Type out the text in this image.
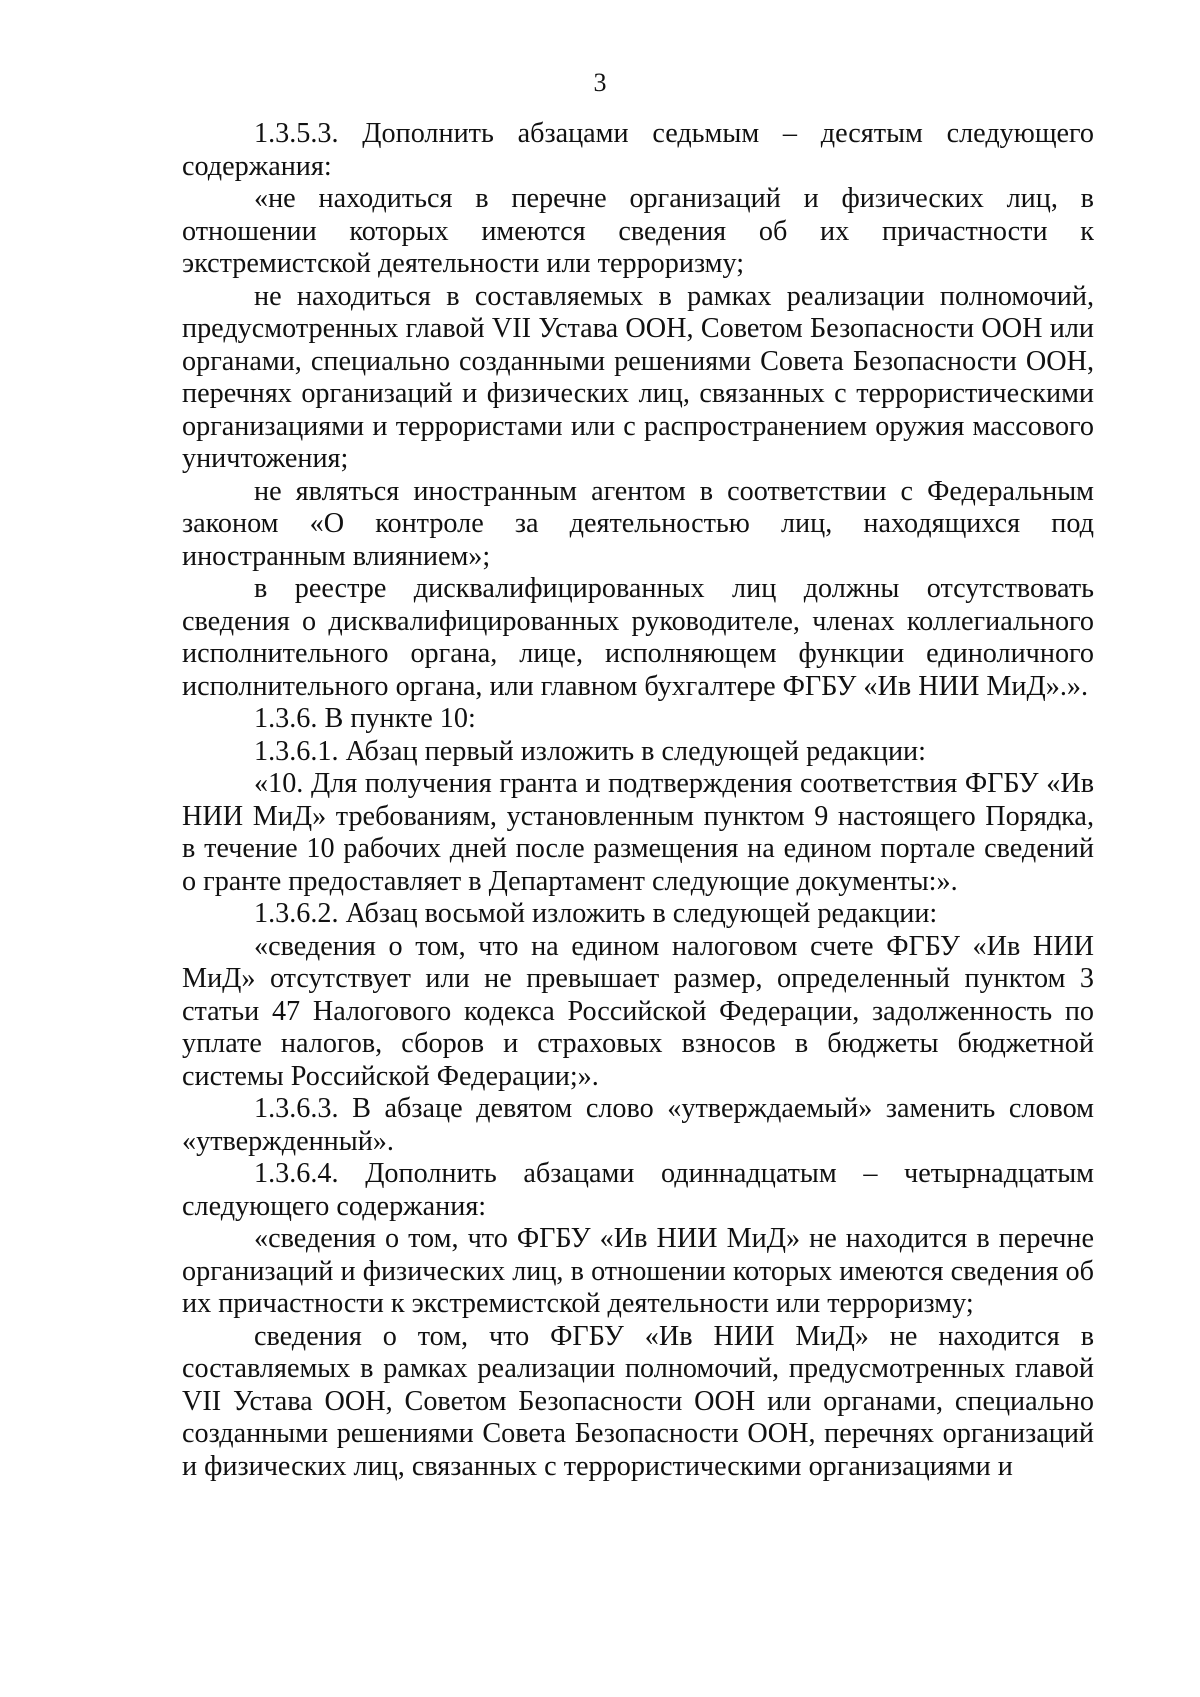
3

1.3.5.3. Дополнить абзацами седьмым – десятым следующего содержания:

«не находиться в перечне организаций и физических лиц, в отношении которых имеются сведения об их причастности к экстремистской деятельности или терроризму;

не находиться в составляемых в рамках реализации полномочий, предусмотренных главой VII Устава ООН, Советом Безопасности ООН или органами, специально созданными решениями Совета Безопасности ООН, перечнях организаций и физических лиц, связанных с террористическими организациями и террористами или с распространением оружия массового уничтожения;

не являться иностранным агентом в соответствии с Федеральным законом «О контроле за деятельностью лиц, находящихся под иностранным влиянием»;

в реестре дисквалифицированных лиц должны отсутствовать сведения о дисквалифицированных руководителе, членах коллегиального исполнительного органа, лице, исполняющем функции единоличного исполнительного органа, или главном бухгалтере ФГБУ «Ив НИИ МиД».».

1.3.6. В пункте 10:

1.3.6.1. Абзац первый изложить в следующей редакции:

«10. Для получения гранта и подтверждения соответствия ФГБУ «Ив НИИ МиД» требованиям, установленным пунктом 9 настоящего Порядка, в течение 10 рабочих дней после размещения на едином портале сведений о гранте предоставляет в Департамент следующие документы:».

1.3.6.2. Абзац восьмой изложить в следующей редакции:

«сведения о том, что на едином налоговом счете ФГБУ «Ив НИИ МиД» отсутствует или не превышает размер, определенный пунктом 3 статьи 47 Налогового кодекса Российской Федерации, задолженность по уплате налогов, сборов и страховых взносов в бюджеты бюджетной системы Российской Федерации;».

1.3.6.3. В абзаце девятом слово «утверждаемый» заменить словом «утвержденный».

1.3.6.4. Дополнить абзацами одиннадцатым – четырнадцатым следующего содержания:

«сведения о том, что ФГБУ «Ив НИИ МиД» не находится в перечне организаций и физических лиц, в отношении которых имеются сведения об их причастности к экстремистской деятельности или терроризму;

сведения о том, что ФГБУ «Ив НИИ МиД» не находится в составляемых в рамках реализации полномочий, предусмотренных главой VII Устава ООН, Советом Безопасности ООН или органами, специально созданными решениями Совета Безопасности ООН, перечнях организаций и физических лиц, связанных с террористическими организациями и
